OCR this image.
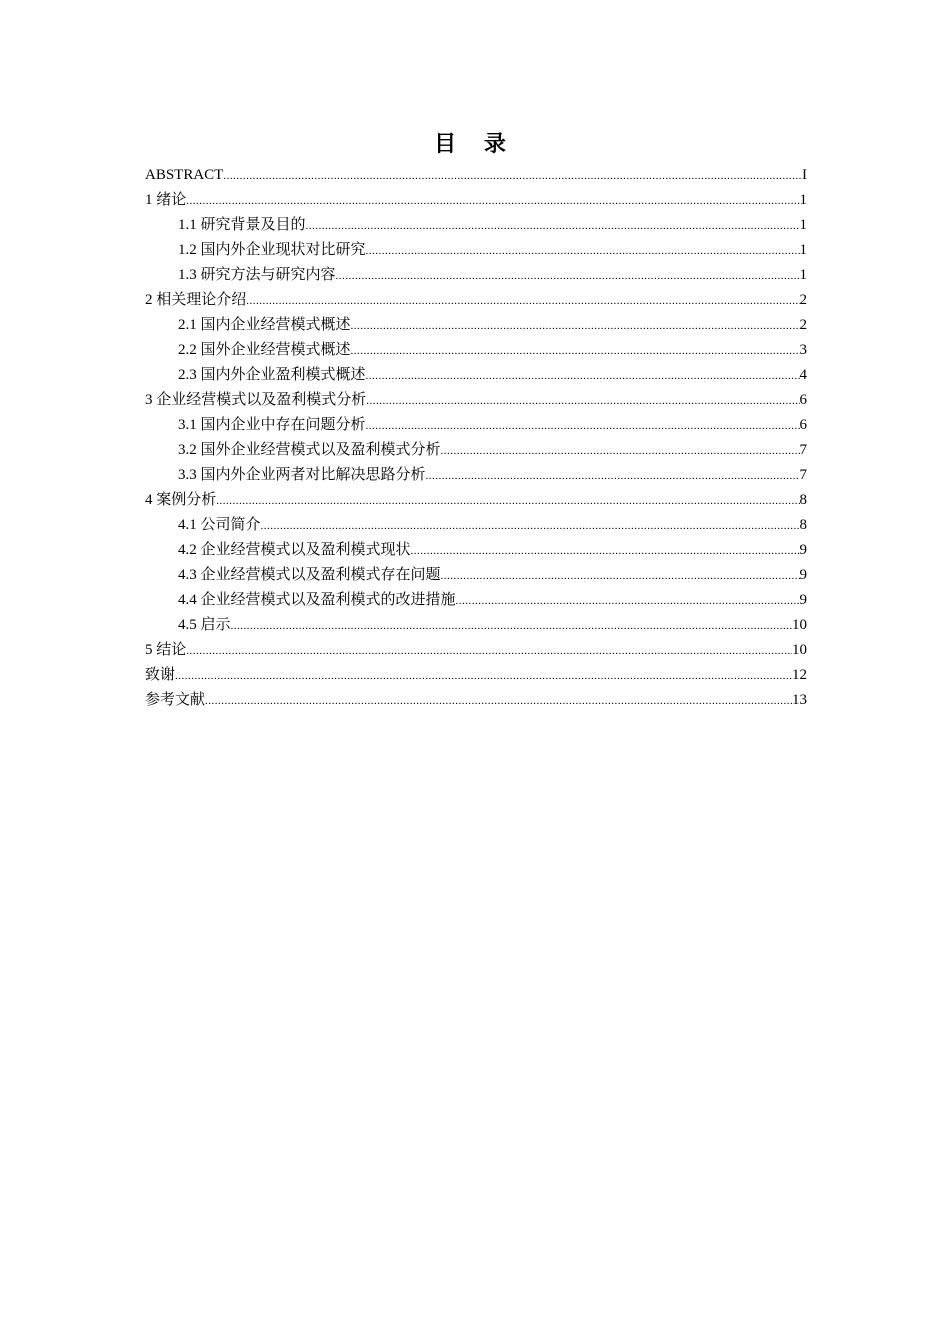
目 录
ABSTRACT .....	I
1 绪论 .....	1
1.1 研究背景及目的 .....	1
1.2 国内外企业现状对比研究 .....	1
1.3 研究方法与研究内容 .....	1
2 相关理论介绍 .....	2
2.1 国内企业经营模式概述 .....	2
2.2 国外企业经营模式概述 .....	3
2.3 国内外企业盈利模式概述 .....	4
3 企业经营模式以及盈利模式分析 .....	6
3.1 国内企业中存在问题分析 .....	6
3.2 国外企业经营模式以及盈利模式分析 .....	7
3.3 国内外企业两者对比解决思路分析 .....	7
4 案例分析 .....	8
4.1 公司简介 .....	8
4.2 企业经营模式以及盈利模式现状 .....	9
4.3 企业经营模式以及盈利模式存在问题 .....	9
4.4 企业经营模式以及盈利模式的改进措施 .....	9
4.5 启示 .....	10
5 结论 .....	10
致谢 .....	12
参考文献 .....	13
